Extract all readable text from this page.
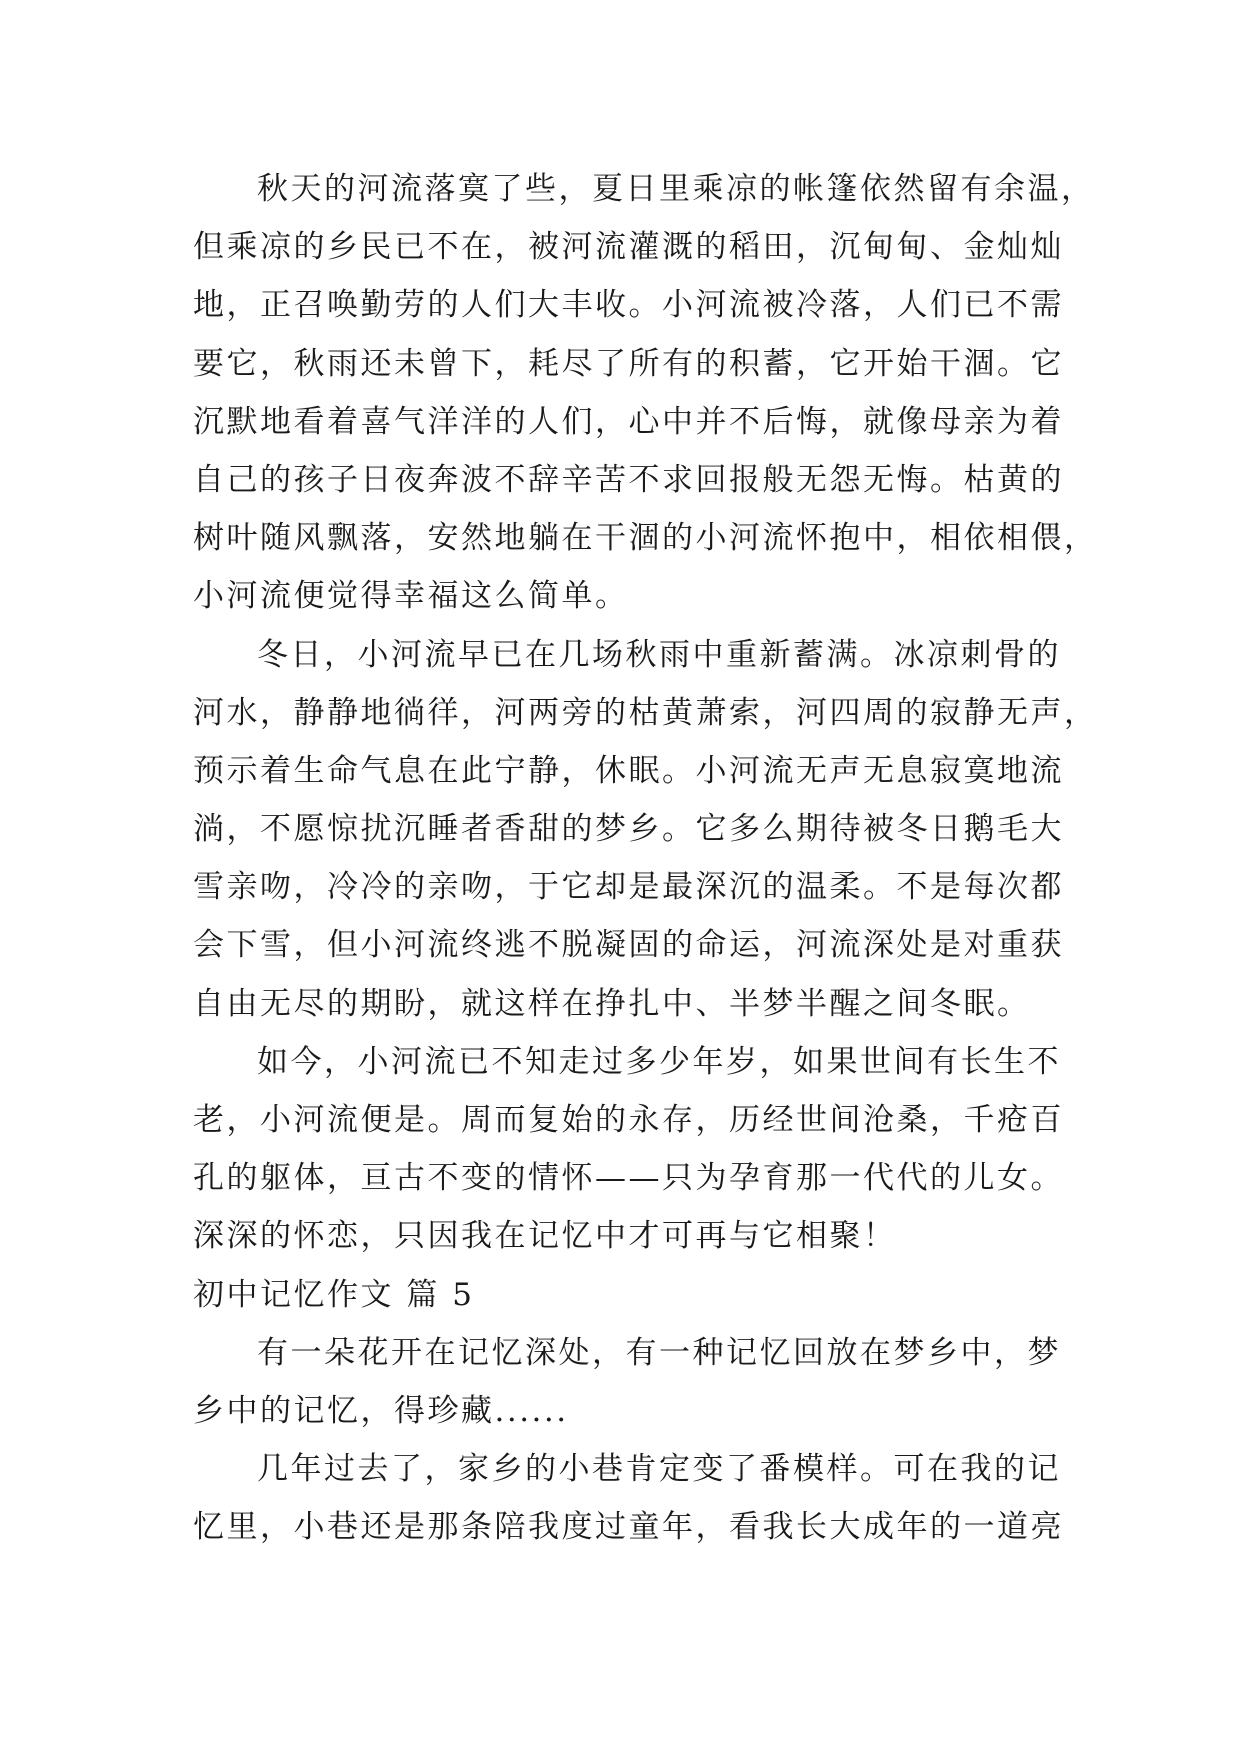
秋天的河流落寞了些，夏日里乘凉的帐篷依然留有余温，
但乘凉的乡民已不在，被河流灌溉的稻田，沉甸甸、金灿灿
地，正召唤勤劳的人们大丰收。小河流被冷落，人们已不需
要它，秋雨还未曾下，耗尽了所有的积蓄，它开始干涸。它
沉默地看着喜气洋洋的人们，心中并不后悔，就像母亲为着
自己的孩子日夜奔波不辞辛苦不求回报般无怨无悔。枯黄的
树叶随风飘落，安然地躺在干涸的小河流怀抱中，相依相偎，
小河流便觉得幸福这么简单。
冬日，小河流早已在几场秋雨中重新蓄满。冰凉刺骨的
河水，静静地徜徉，河两旁的枯黄萧索，河四周的寂静无声，
预示着生命气息在此宁静，休眠。小河流无声无息寂寞地流
淌，不愿惊扰沉睡者香甜的梦乡。它多么期待被冬日鹅毛大
雪亲吻，冷冷的亲吻，于它却是最深沉的温柔。不是每次都
会下雪，但小河流终逃不脱凝固的命运，河流深处是对重获
自由无尽的期盼，就这样在挣扎中、半梦半醒之间冬眠。
如今，小河流已不知走过多少年岁，如果世间有长生不
老，小河流便是。周而复始的永存，历经世间沧桑，千疮百
孔的躯体，亘古不变的情怀——只为孕育那一代代的儿女。
深深的怀恋，只因我在记忆中才可再与它相聚！
初中记忆作文 篇 5
有一朵花开在记忆深处，有一种记忆回放在梦乡中，梦
乡中的记忆，得珍藏......
几年过去了，家乡的小巷肯定变了番模样。可在我的记
忆里，小巷还是那条陪我度过童年，看我长大成年的一道亮
